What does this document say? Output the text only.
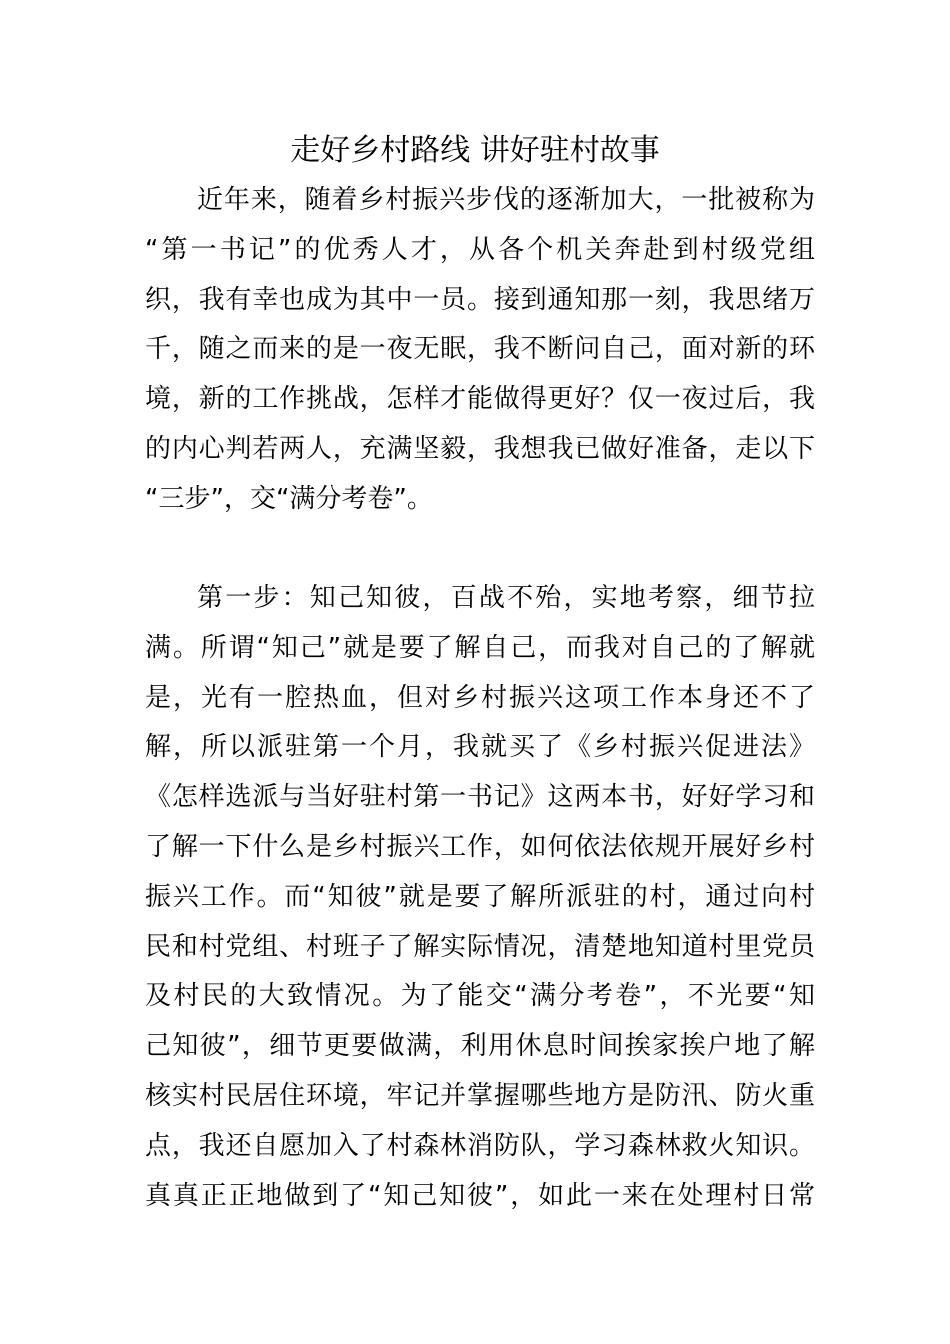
走好乡村路线 讲好驻村故事
近年来，随着乡村振兴步伐的逐渐加大，一批被称为
“第一书记”的优秀人才，从各个机关奔赴到村级党组
织，我有幸也成为其中一员。接到通知那一刻，我思绪万
千，随之而来的是一夜无眠，我不断问自己，面对新的环
境，新的工作挑战，怎样才能做得更好？仅一夜过后，我
的内心判若两人，充满坚毅，我想我已做好准备，走以下
“三步”，交“满分考卷”。
第一步：知己知彼，百战不殆，实地考察，细节拉
满。所谓“知己”就是要了解自己，而我对自己的了解就
是，光有一腔热血，但对乡村振兴这项工作本身还不了
解，所以派驻第一个月，我就买了《乡村振兴促进法》
《怎样选派与当好驻村第一书记》这两本书，好好学习和
了解一下什么是乡村振兴工作，如何依法依规开展好乡村
振兴工作。而“知彼”就是要了解所派驻的村，通过向村
民和村党组、村班子了解实际情况，清楚地知道村里党员
及村民的大致情况。为了能交“满分考卷”，不光要“知
己知彼”，细节更要做满，利用休息时间挨家挨户地了解
核实村民居住环境，牢记并掌握哪些地方是防汛、防火重
点，我还自愿加入了村森林消防队，学习森林救火知识。
真真正正地做到了“知己知彼”，如此一来在处理村日常
